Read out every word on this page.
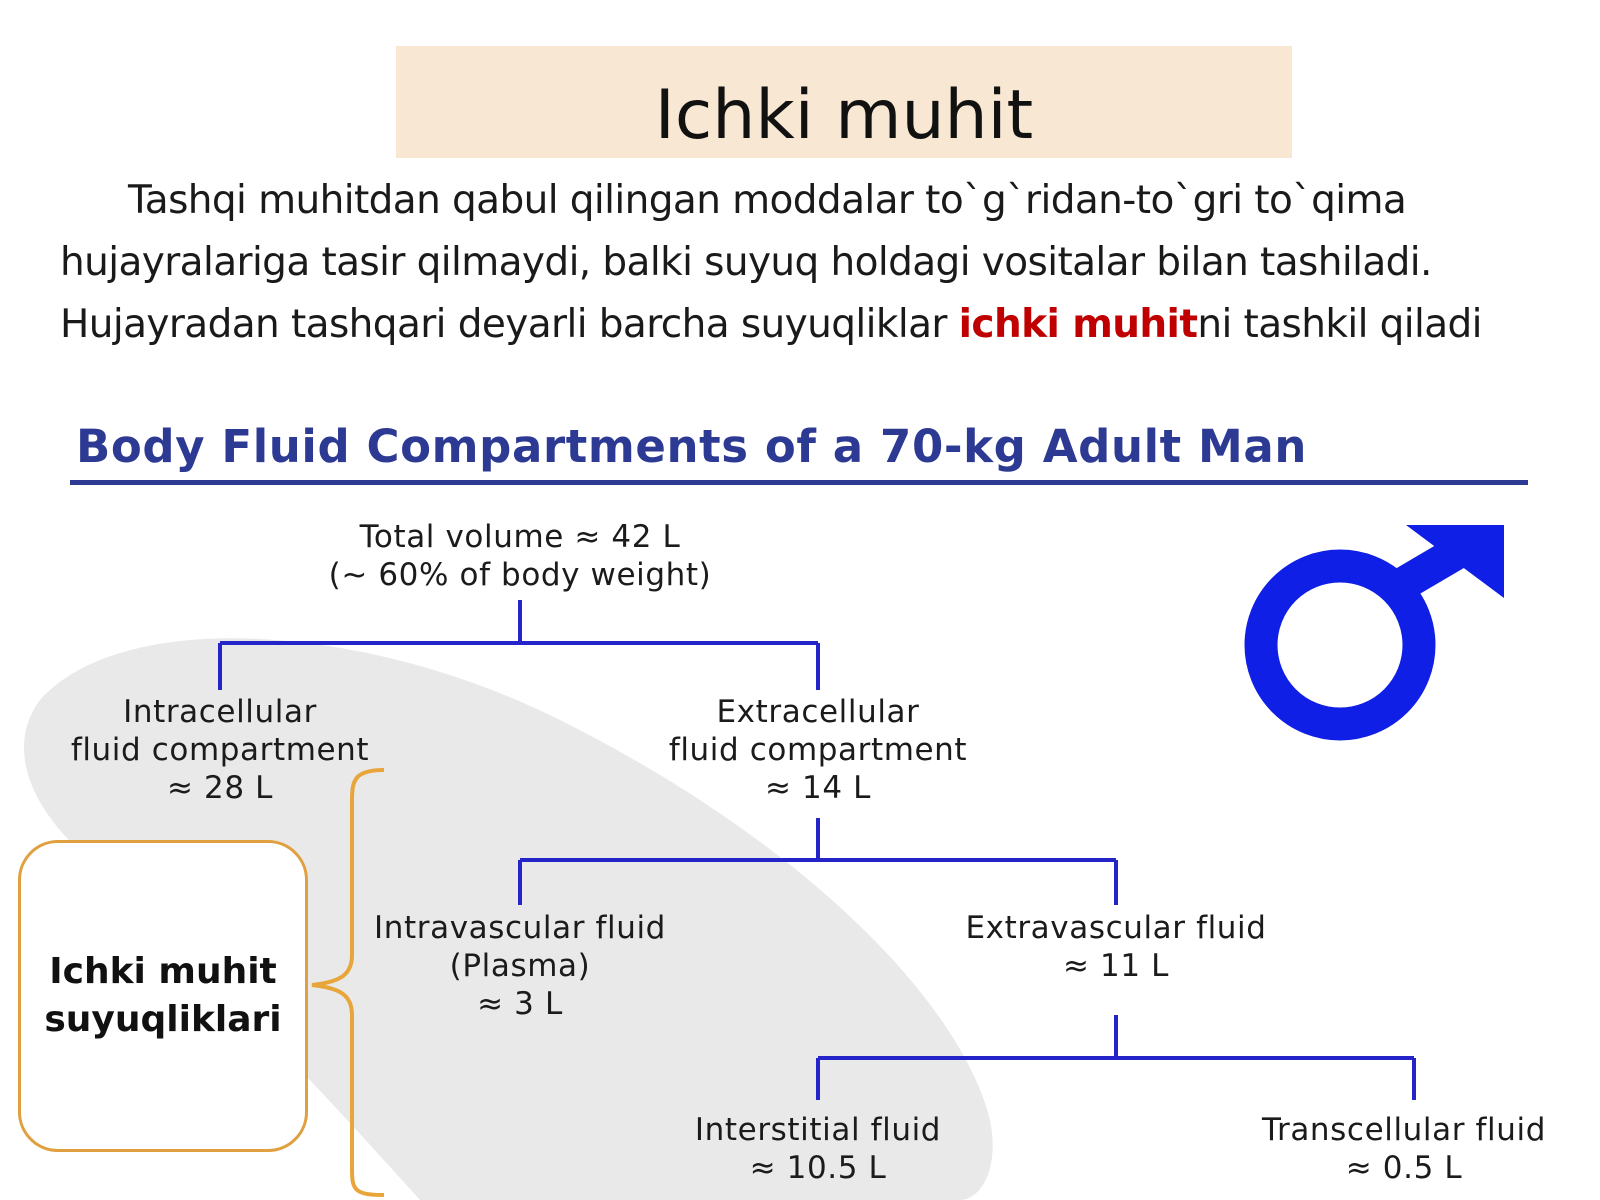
Ichki muhit

Tashqi muhitdan qabul qilingan moddalar to`g`ridan-to`gri to`qima hujayralariga tasir qilmaydi, balki suyuq holdagi vositalar bilan tashiladi. Hujayradan tashqari deyarli barcha suyuqliklar ichki muhitni tashkil qiladi

Body Fluid Compartments of a 70-kg Adult Man
Total volume ≈ 42 L
(~ 60% of body weight)
Intracellular
fluid compartment
≈ 28 L
Extracellular
fluid compartment
≈ 14 L
Intravascular fluid
(Plasma)
≈ 3 L
Extravascular fluid
≈ 11 L
Interstitial fluid
≈ 10.5 L
Transcellular fluid
≈ 0.5 L

Ichki muhit suyuqliklari
